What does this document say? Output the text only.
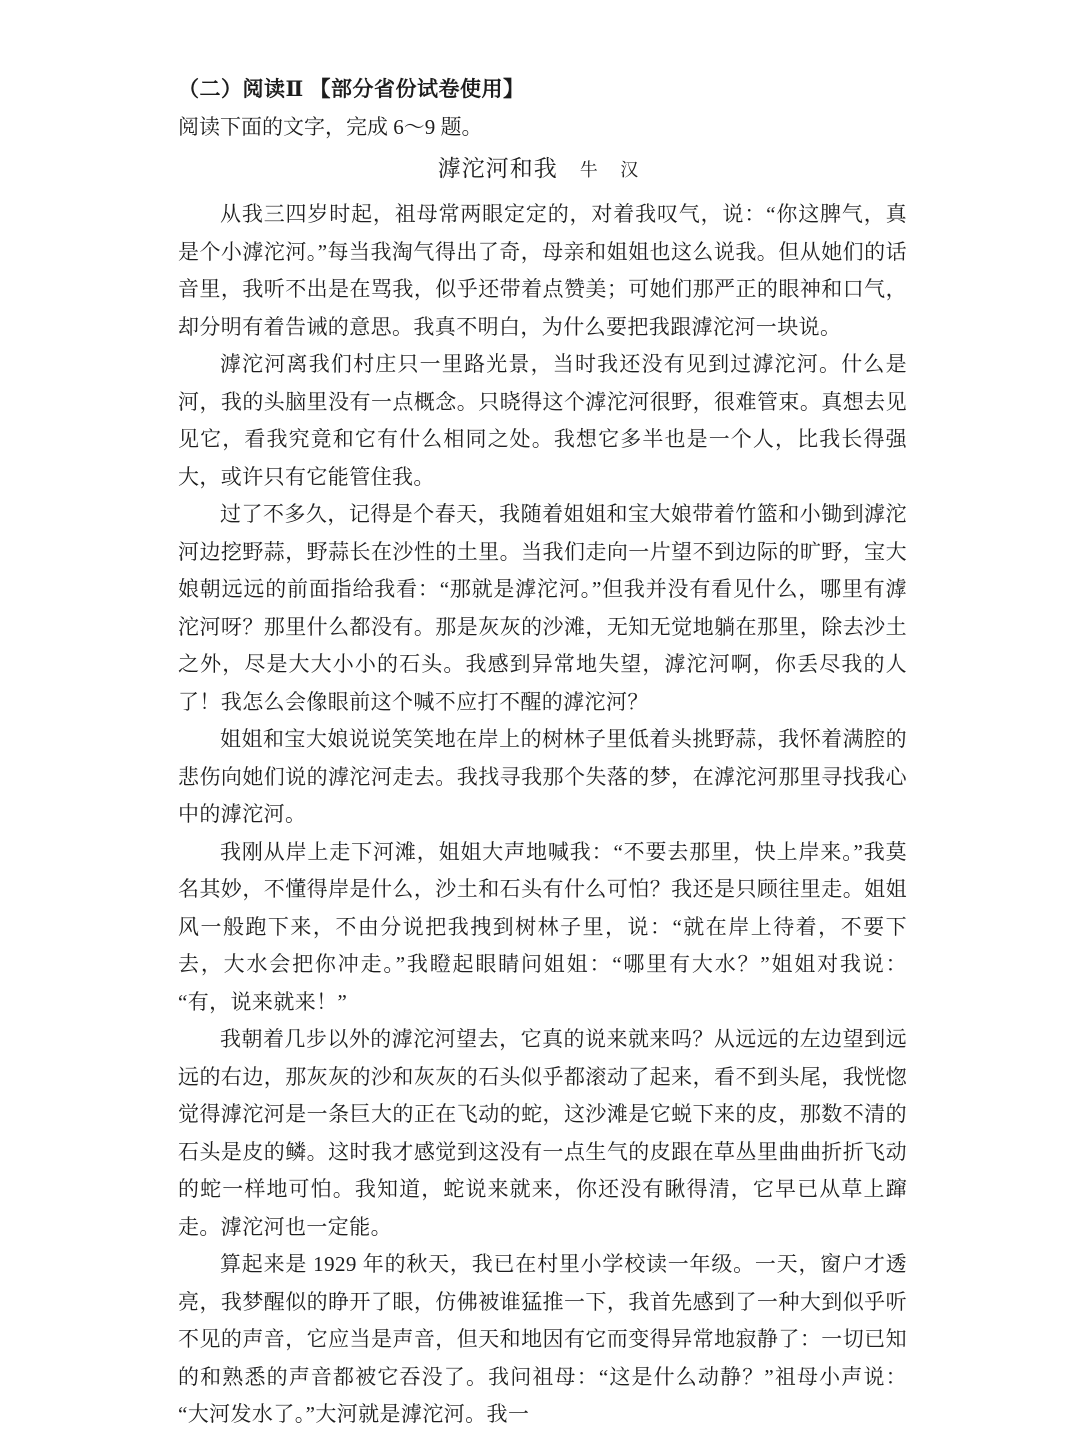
（二）阅读Ⅱ 【部分省份试卷使用】
阅读下面的文字，完成 6～9 题。
滹沱河和我 牛 汉

从我三四岁时起，祖母常两眼定定的，对着我叹气，说：“你这脾气，真是个小滹沱河。”每当我淘气得出了奇，母亲和姐姐也这么说我。但从她们的话音里，我听不出是在骂我，似乎还带着点赞美；可她们那严正的眼神和口气，却分明有着告诫的意思。我真不明白，为什么要把我跟滹沱河一块说。

滹沱河离我们村庄只一里路光景，当时我还没有见到过滹沱河。什么是河，我的头脑里没有一点概念。只晓得这个滹沱河很野，很难管束。真想去见见它，看我究竟和它有什么相同之处。我想它多半也是一个人，比我长得强大，或许只有它能管住我。

过了不多久，记得是个春天，我随着姐姐和宝大娘带着竹篮和小锄到滹沱河边挖野蒜，野蒜长在沙性的土里。当我们走向一片望不到边际的旷野，宝大娘朝远远的前面指给我看：“那就是滹沱河。”但我并没有看见什么，哪里有滹沱河呀？那里什么都没有。那是灰灰的沙滩，无知无觉地躺在那里，除去沙土之外，尽是大大小小的石头。我感到异常地失望，滹沱河啊，你丢尽我的人了！我怎么会像眼前这个喊不应打不醒的滹沱河？

姐姐和宝大娘说说笑笑地在岸上的树林子里低着头挑野蒜，我怀着满腔的悲伤向她们说的滹沱河走去。我找寻我那个失落的梦，在滹沱河那里寻找我心中的滹沱河。

我刚从岸上走下河滩，姐姐大声地喊我：“不要去那里，快上岸来。”我莫名其妙，不懂得岸是什么，沙土和石头有什么可怕？我还是只顾往里走。姐姐风一般跑下来，不由分说把我拽到树林子里，说：“就在岸上待着，不要下去，大水会把你冲走。”我瞪起眼睛问姐姐：“哪里有大水？”姐姐对我说：“有，说来就来！”

我朝着几步以外的滹沱河望去，它真的说来就来吗？从远远的左边望到远远的右边，那灰灰的沙和灰灰的石头似乎都滚动了起来，看不到头尾，我恍惚觉得滹沱河是一条巨大的正在飞动的蛇，这沙滩是它蜕下来的皮，那数不清的石头是皮的鳞。这时我才感觉到这没有一点生气的皮跟在草丛里曲曲折折飞动的蛇一样地可怕。我知道，蛇说来就来，你还没有瞅得清，它早已从草上蹿走。滹沱河也一定能。

算起来是 1929 年的秋天，我已在村里小学校读一年级。一天，窗户才透亮，我梦醒似的睁开了眼，仿佛被谁猛推一下，我首先感到了一种大到似乎听不见的声音，它应当是声音，但天和地因有它而变得异常地寂静了：一切已知的和熟悉的声音都被它吞没了。我问祖母：“这是什么动静？”祖母小声说：“大河发水了。”大河就是滹沱河。我一
